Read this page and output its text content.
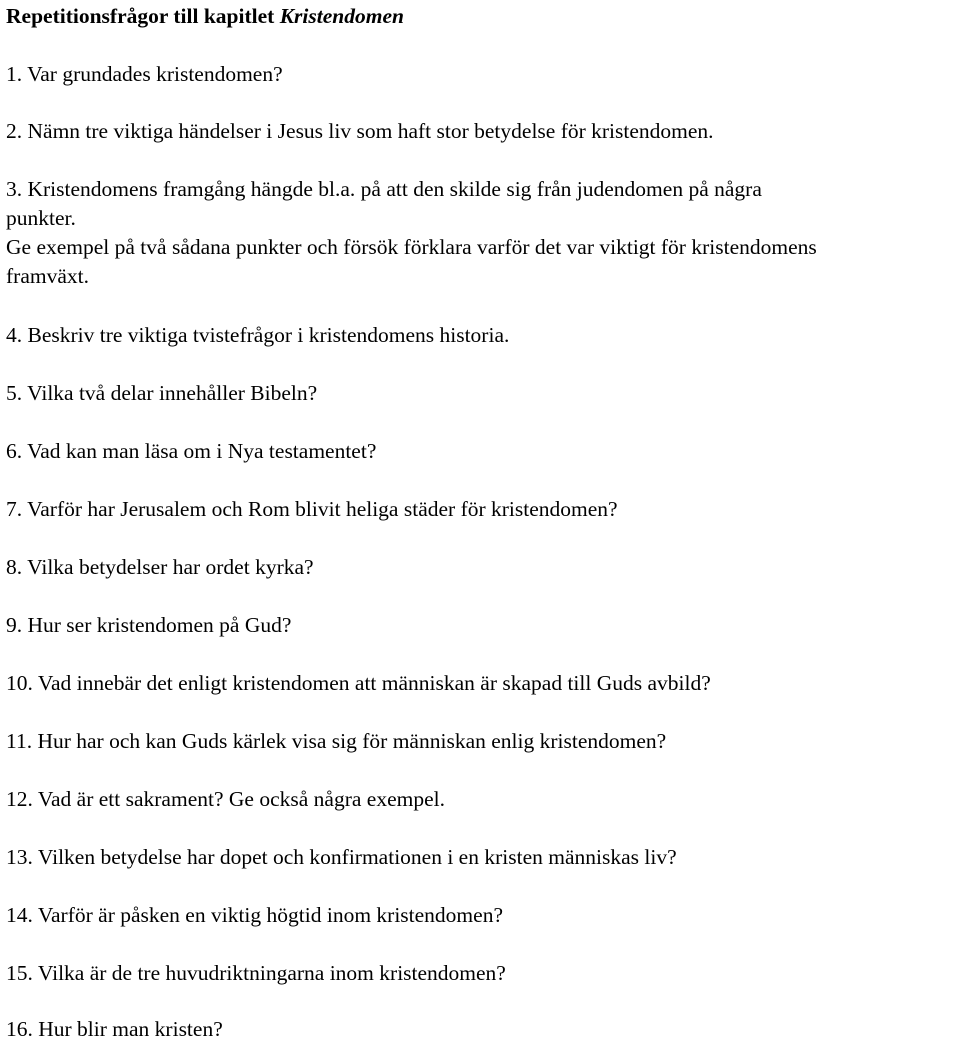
Repetitionsfrågor till kapitlet Kristendomen
1. Var grundades kristendomen?
2. Nämn tre viktiga händelser i Jesus liv som haft stor betydelse för kristendomen.
3. Kristendomens framgång hängde bl.a. på att den skilde sig från judendomen på några
punkter.
Ge exempel på två sådana punkter och försök förklara varför det var viktigt för kristendomens
framväxt.
4. Beskriv tre viktiga tvistefrågor i kristendomens historia.
5. Vilka två delar innehåller Bibeln?
6. Vad kan man läsa om i Nya testamentet?
7. Varför har Jerusalem och Rom blivit heliga städer för kristendomen?
8. Vilka betydelser har ordet kyrka?
9. Hur ser kristendomen på Gud?
10. Vad innebär det enligt kristendomen att människan är skapad till Guds avbild?
11. Hur har och kan Guds kärlek visa sig för människan enlig kristendomen?
12. Vad är ett sakrament? Ge också några exempel.
13. Vilken betydelse har dopet och konfirmationen i en kristen människas liv?
14. Varför är påsken en viktig högtid inom kristendomen?
15. Vilka är de tre huvudriktningarna inom kristendomen?
16. Hur blir man kristen?
